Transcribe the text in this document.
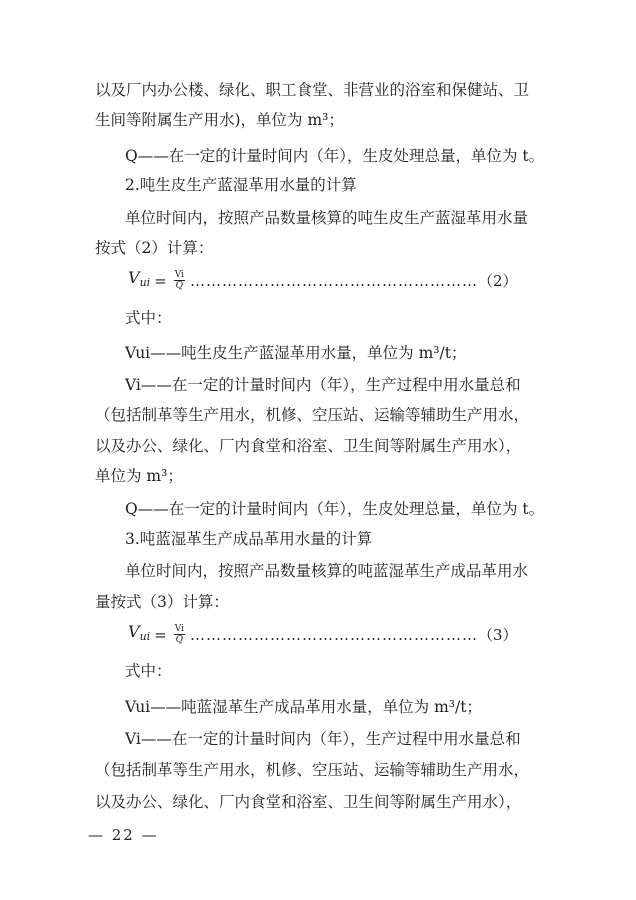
以及厂内办公楼、绿化、职工食堂、非营业的浴室和保健站、卫
生间等附属生产用水)，单位为 m³；
Q——在一定的计量时间内（年），生皮处理总量，单位为 t。
2.吨生皮生产蓝湿革用水量的计算
单位时间内，按照产品数量核算的吨生皮生产蓝湿革用水量
按式（2）计算：
$V_{ui} = \frac{Vi}{Q}$ ……………………………………………… （2）
式中：
Vui——吨生皮生产蓝湿革用水量，单位为 m³/t；
Vi——在一定的计量时间内（年），生产过程中用水量总和
（包括制革等生产用水，机修、空压站、运输等辅助生产用水，
以及办公、绿化、厂内食堂和浴室、卫生间等附属生产用水），
单位为 m³；
Q——在一定的计量时间内（年），生皮处理总量，单位为 t。
3.吨蓝湿革生产成品革用水量的计算
单位时间内，按照产品数量核算的吨蓝湿革生产成品革用水
量按式（3）计算：
$V_{ui} = \frac{Vi}{Q}$ ……………………………………………… （3）
式中：
Vui——吨蓝湿革生产成品革用水量，单位为 m³/t；
Vi——在一定的计量时间内（年），生产过程中用水量总和
（包括制革等生产用水，机修、空压站、运输等辅助生产用水，
以及办公、绿化、厂内食堂和浴室、卫生间等附属生产用水），
— 22 —
